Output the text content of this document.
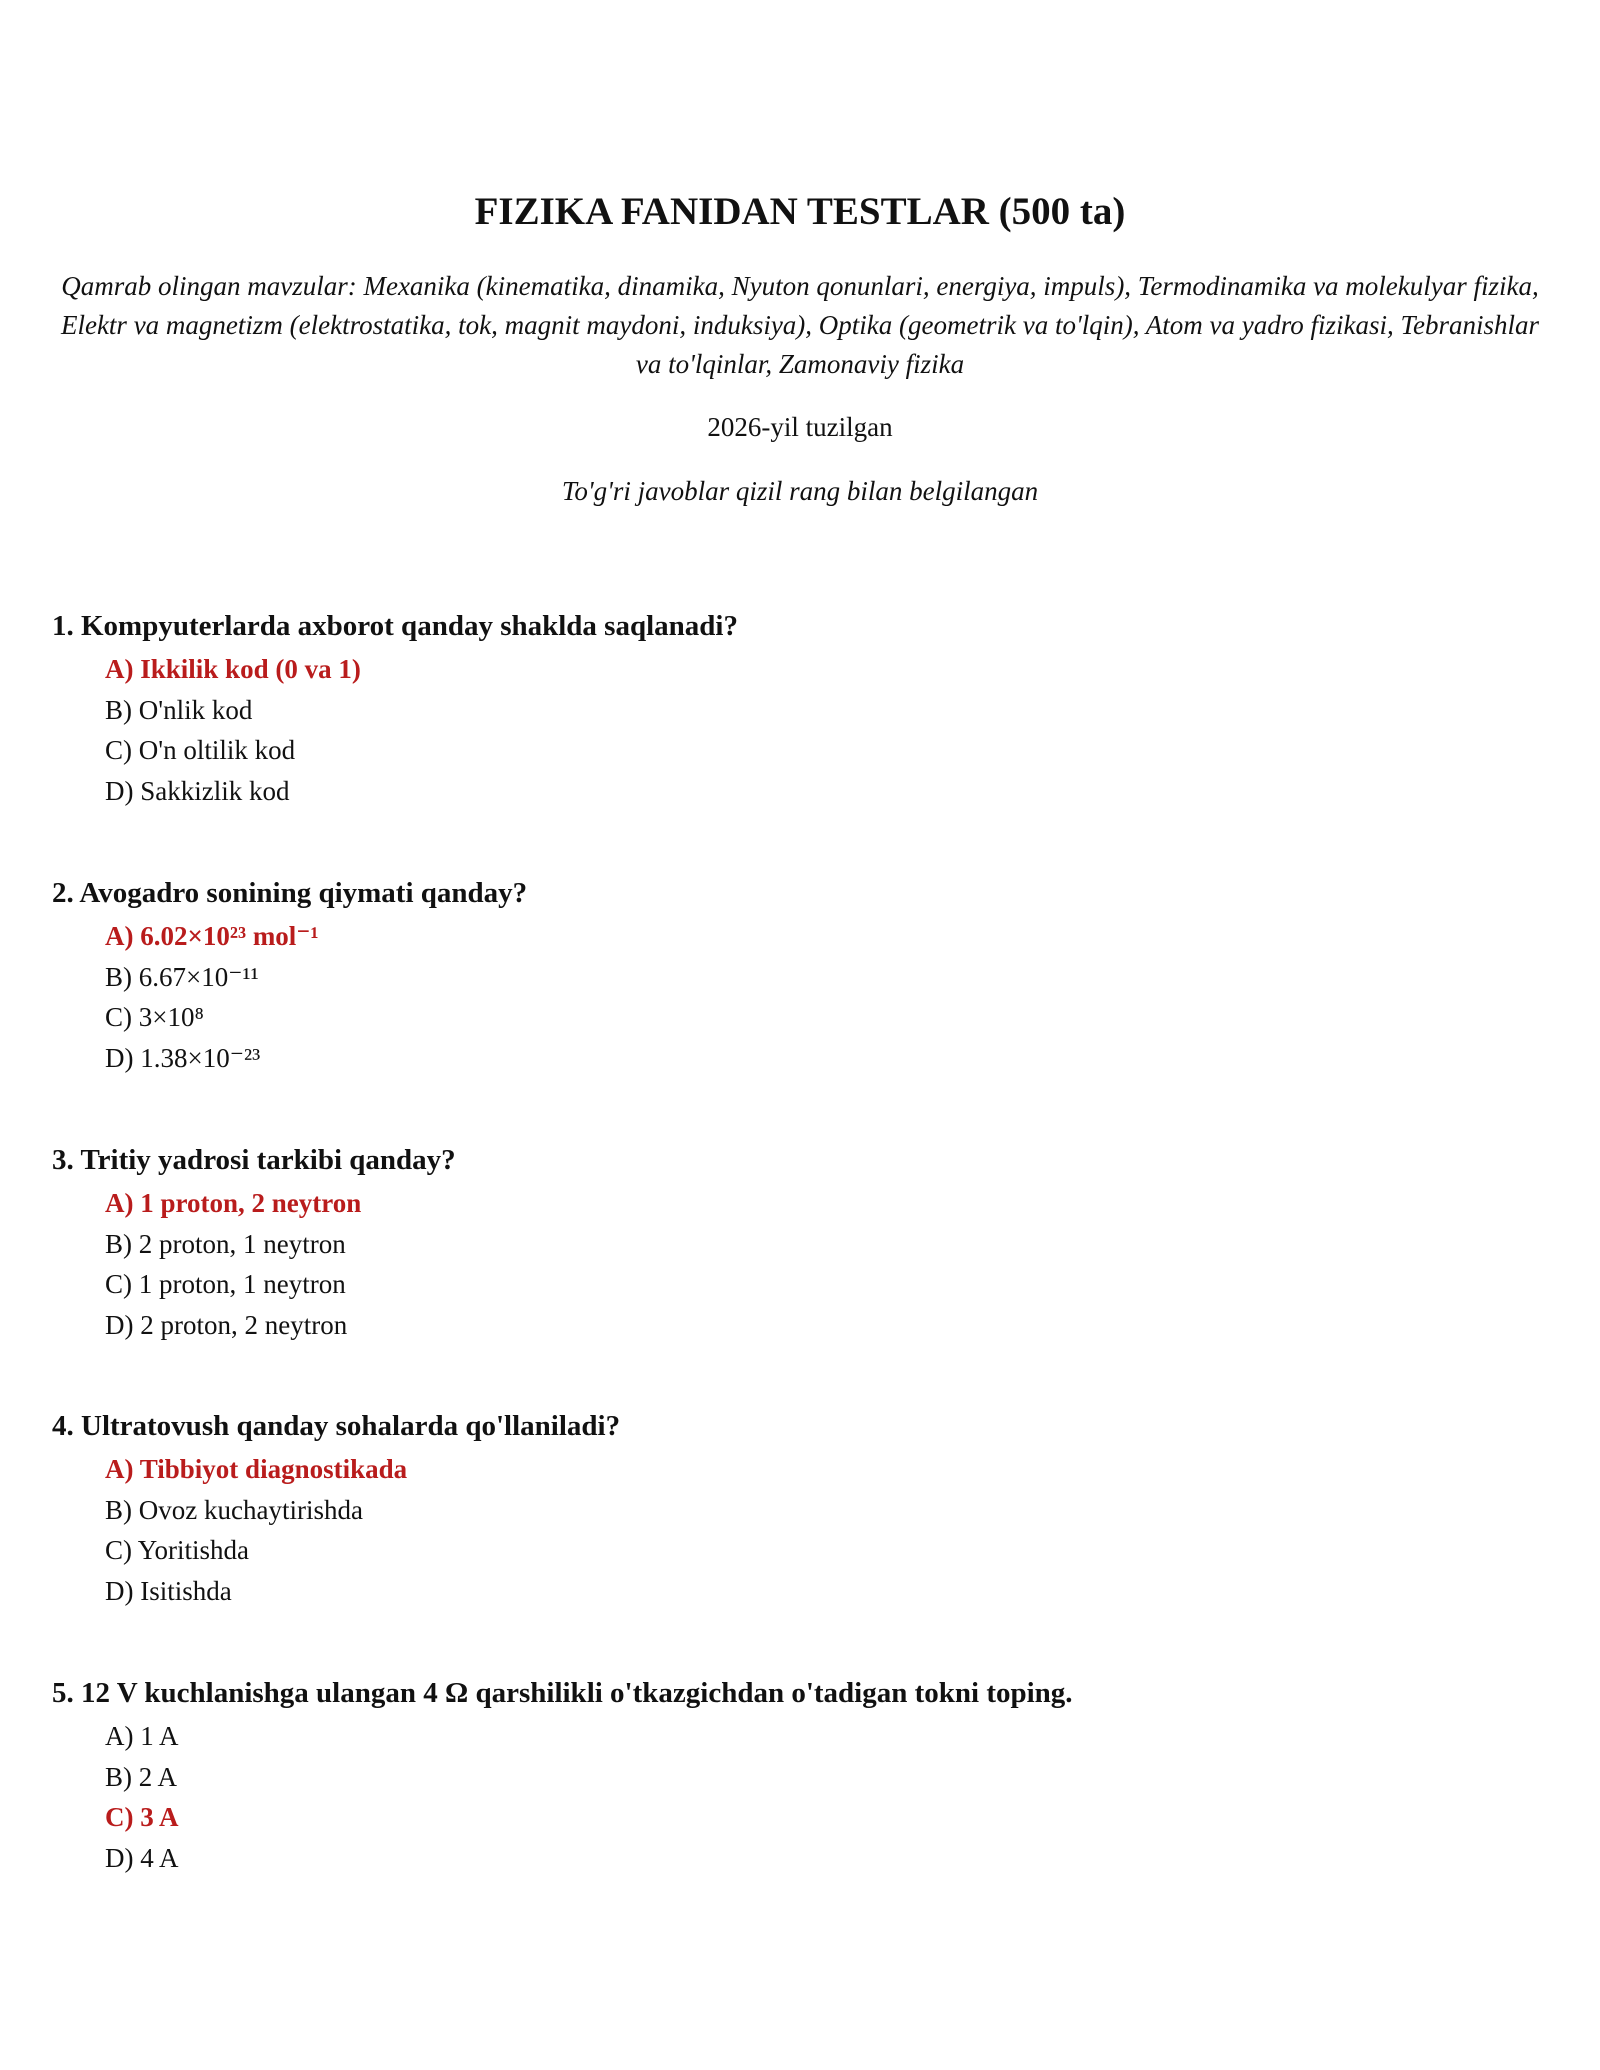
FIZIKA FANIDAN TESTLAR (500 ta)
Qamrab olingan mavzular: Mexanika (kinematika, dinamika, Nyuton qonunlari, energiya, impuls), Termodinamika va molekulyar fizika, Elektr va magnetizm (elektrostatika, tok, magnit maydoni, induksiya), Optika (geometrik va to'lqin), Atom va yadro fizikasi, Tebranishlar va to'lqinlar, Zamonaviy fizika
2026-yil tuzilgan
To'g'ri javoblar qizil rang bilan belgilangan
1. Kompyuterlarda axborot qanday shaklda saqlanadi?
A) Ikkilik kod (0 va 1)
B) O'nlik kod
C) O'n oltilik kod
D) Sakkizlik kod
2. Avogadro sonining qiymati qanday?
A) 6.02×10²³ mol⁻¹
B) 6.67×10⁻¹¹
C) 3×10⁸
D) 1.38×10⁻²³
3. Tritiy yadrosi tarkibi qanday?
A) 1 proton, 2 neytron
B) 2 proton, 1 neytron
C) 1 proton, 1 neytron
D) 2 proton, 2 neytron
4. Ultratovush qanday sohalarda qo'llaniladi?
A) Tibbiyot diagnostikada
B) Ovoz kuchaytirishda
C) Yoritishda
D) Isitishda
5. 12 V kuchlanishga ulangan 4 Ω qarshilikli o'tkazgichdan o'tadigan tokni toping.
A) 1 A
B) 2 A
C) 3 A
D) 4 A
